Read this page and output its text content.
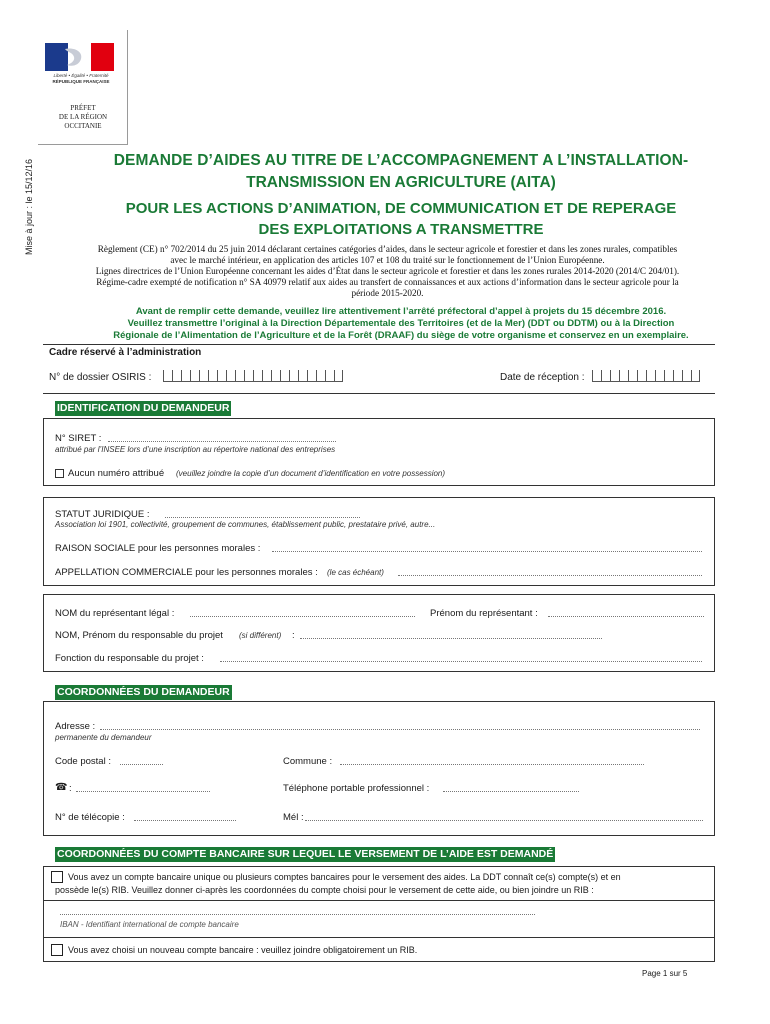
Liberté • Égalité • Fraternité
RÉPUBLIQUE FRANÇAISE
PRÉFET
DE LA RÉGION
OCCITANIE
Mise à jour : le 15/12/16	DEMANDE D’AIDES AU TITRE DE L’ACCOMPAGNEMENT A L’INSTALLATION-
TRANSMISSION EN AGRICULTURE (AITA)
POUR LES ACTIONS D’ANIMATION, DE COMMUNICATION ET DE REPERAGE
DES EXPLOITATIONS A TRANSMETTRE
Règlement (CE) n° 702/2014 du 25 juin 2014 déclarant certaines catégories d’aides, dans le secteur agricole et forestier et dans les zones rurales, compatibles
avec le marché intérieur, en application des articles 107 et 108 du traité sur le fonctionnement de l’Union Européenne.
Lignes directrices de l’Union Européenne concernant les aides d’État dans le secteur agricole et forestier et dans les zones rurales 2014-2020 (2014/C 204/01).
Régime-cadre exempté de notification n° SA 40979 relatif aux aides au transfert de connaissances et aux actions d’information dans le secteur agricole pour la
période 2015-2020.
Avant de remplir cette demande, veuillez lire attentivement l’arrêté préfectoral d’appel à projets du 15 décembre 2016.
Veuillez transmettre l’original à la Direction Départementale des Territoires (et de la Mer) (DDT ou DDTM) ou à la Direction
Régionale de l’Alimentation de l’Agriculture et de la Forêt (DRAAF) du siège de votre organisme et conservez en un exemplaire.
Cadre réservé à l’administration
N° de dossier OSIRIS :	Date de réception :
IDENTIFICATION DU DEMANDEUR
N° SIRET :
attribué par l’INSEE lors d’une inscription au répertoire national des entreprises
Aucun numéro attribué (veuillez joindre la copie d’un document d’identification en votre possession)
STATUT JURIDIQUE :
Association loi 1901, collectivité, groupement de communes, établissement public, prestataire privé, autre...
RAISON SOCIALE pour les personnes morales :
APPELLATION COMMERCIALE pour les personnes morales : (le cas échéant)
NOM du représentant légal :	Prénom du représentant :
NOM, Prénom du responsable du projet (si différent) :
Fonction du responsable du projet :
COORDONNÉES DU DEMANDEUR
Adresse :
permanente du demandeur
Code postal :	Commune :
☎ :	Téléphone portable professionnel :
N° de télécopie :	Mél :
COORDONNÉES DU COMPTE BANCAIRE SUR LEQUEL LE VERSEMENT DE L’AIDE EST DEMANDÉ
Vous avez un compte bancaire unique ou plusieurs comptes bancaires pour le versement des aides. La DDT connaît ce(s) compte(s) et en
possède le(s) RIB. Veuillez donner ci-après les coordonnées du compte choisi pour le versement de cette aide, ou bien joindre un RIB :
IBAN - Identifiant international de compte bancaire
Vous avez choisi un nouveau compte bancaire : veuillez joindre obligatoirement un RIB.
Page 1 sur 5
